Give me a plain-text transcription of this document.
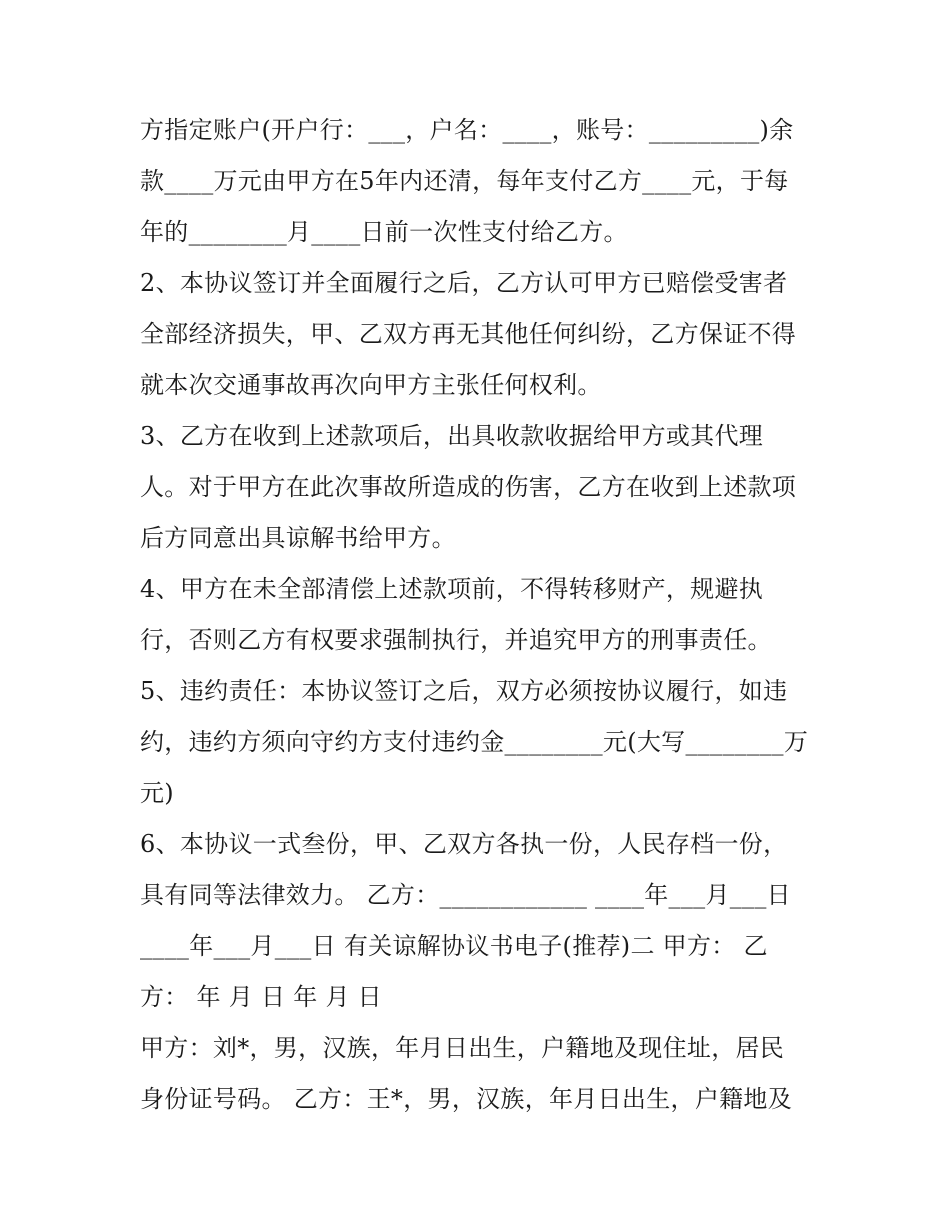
方指定账户(开户行：___，户名：____，账号：_________)余
款____万元由甲方在5年内还清，每年支付乙方____元，于每
年的________月____日前一次性支付给乙方。
2、本协议签订并全面履行之后，乙方认可甲方已赔偿受害者
全部经济损失，甲、乙双方再无其他任何纠纷，乙方保证不得
就本次交通事故再次向甲方主张任何权利。
3、乙方在收到上述款项后，出具收款收据给甲方或其代理
人。对于甲方在此次事故所造成的伤害，乙方在收到上述款项
后方同意出具谅解书给甲方。
4、甲方在未全部清偿上述款项前，不得转移财产，规避执
行，否则乙方有权要求强制执行，并追究甲方的刑事责任。
5、违约责任：本协议签订之后，双方必须按协议履行，如违
约，违约方须向守约方支付违约金________元(大写________万
元)
6、本协议一式叁份，甲、乙双方各执一份，人民存档一份，
具有同等法律效力。 乙方：____________ ____年___月___日
____年___月___日 有关谅解协议书电子(推荐)二 甲方： 乙
方： 年 月 日 年 月 日
甲方：刘*，男，汉族，年月日出生，户籍地及现住址，居民
身份证号码。 乙方：王*，男，汉族，年月日出生，户籍地及
